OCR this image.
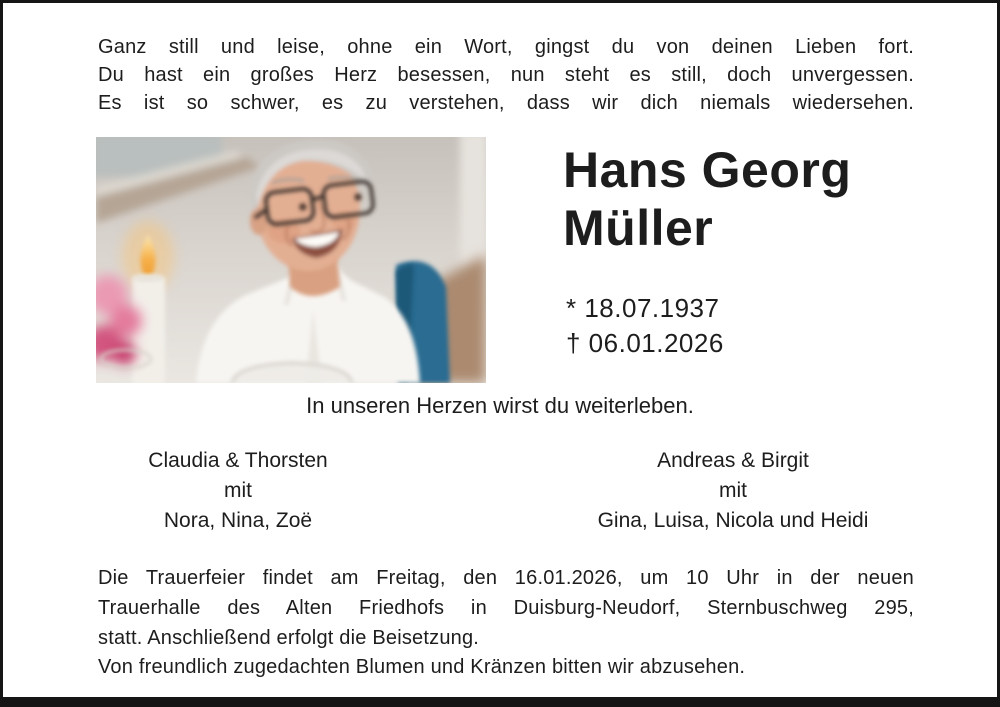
Ganz still und leise, ohne ein Wort, gingst du von deinen Lieben fort.
Du hast ein großes Herz besessen, nun steht es still, doch unvergessen.
Es ist so schwer, es zu verstehen, dass wir dich niemals wiedersehen.
Hans Georg
Müller
* 18.07.1937
† 06.01.2026
In unseren Herzen wirst du weiterleben.
Claudia & Thorsten
mit
Nora, Nina, Zoë
Andreas & Birgit
mit
Gina, Luisa, Nicola und Heidi
Die Trauerfeier findet am Freitag, den 16.01.2026, um 10 Uhr in der neuen
Trauerhalle des Alten Friedhofs in Duisburg-Neudorf, Sternbuschweg 295,
statt. Anschließend erfolgt die Beisetzung.
Von freundlich zugedachten Blumen und Kränzen bitten wir abzusehen.
